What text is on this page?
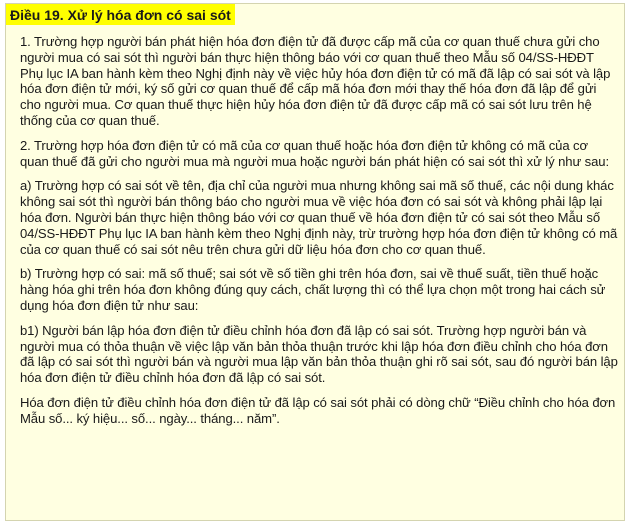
Điều 19. Xử lý hóa đơn có sai sót

1. Trường hợp người bán phát hiện hóa đơn điện tử đã được cấp mã của cơ quan thuế chưa gửi cho người mua có sai sót thì người bán thực hiện thông báo với cơ quan thuế theo Mẫu số 04/SS-HĐĐT Phụ lục IA ban hành kèm theo Nghị định này về việc hủy hóa đơn điện tử có mã đã lập có sai sót và lập hóa đơn điện tử mới, ký số gửi cơ quan thuế để cấp mã hóa đơn mới thay thế hóa đơn đã lập để gửi cho người mua. Cơ quan thuế thực hiện hủy hóa đơn điện tử đã được cấp mã có sai sót lưu trên hệ thống của cơ quan thuế.

2. Trường hợp hóa đơn điện tử có mã của cơ quan thuế hoặc hóa đơn điện tử không có mã của cơ quan thuế đã gửi cho người mua mà người mua hoặc người bán phát hiện có sai sót thì xử lý như sau:

a) Trường hợp có sai sót về tên, địa chỉ của người mua nhưng không sai mã số thuế, các nội dung khác không sai sót thì người bán thông báo cho người mua về việc hóa đơn có sai sót và không phải lập lại hóa đơn. Người bán thực hiện thông báo với cơ quan thuế về hóa đơn điện tử có sai sót theo Mẫu số 04/SS-HĐĐT Phụ lục IA ban hành kèm theo Nghị định này, trừ trường hợp hóa đơn điện tử không có mã của cơ quan thuế có sai sót nêu trên chưa gửi dữ liệu hóa đơn cho cơ quan thuế.

b) Trường hợp có sai: mã số thuế; sai sót về số tiền ghi trên hóa đơn, sai về thuế suất, tiền thuế hoặc hàng hóa ghi trên hóa đơn không đúng quy cách, chất lượng thì có thể lựa chọn một trong hai cách sử dụng hóa đơn điện tử như sau:

b1) Người bán lập hóa đơn điện tử điều chỉnh hóa đơn đã lập có sai sót. Trường hợp người bán và người mua có thỏa thuận về việc lập văn bản thỏa thuận trước khi lập hóa đơn điều chỉnh cho hóa đơn đã lập có sai sót thì người bán và người mua lập văn bản thỏa thuận ghi rõ sai sót, sau đó người bán lập hóa đơn điện tử điều chỉnh hóa đơn đã lập có sai sót.

Hóa đơn điện tử điều chỉnh hóa đơn điện tử đã lập có sai sót phải có dòng chữ “Điều chỉnh cho hóa đơn Mẫu số... ký hiệu... số... ngày... tháng... năm”.
